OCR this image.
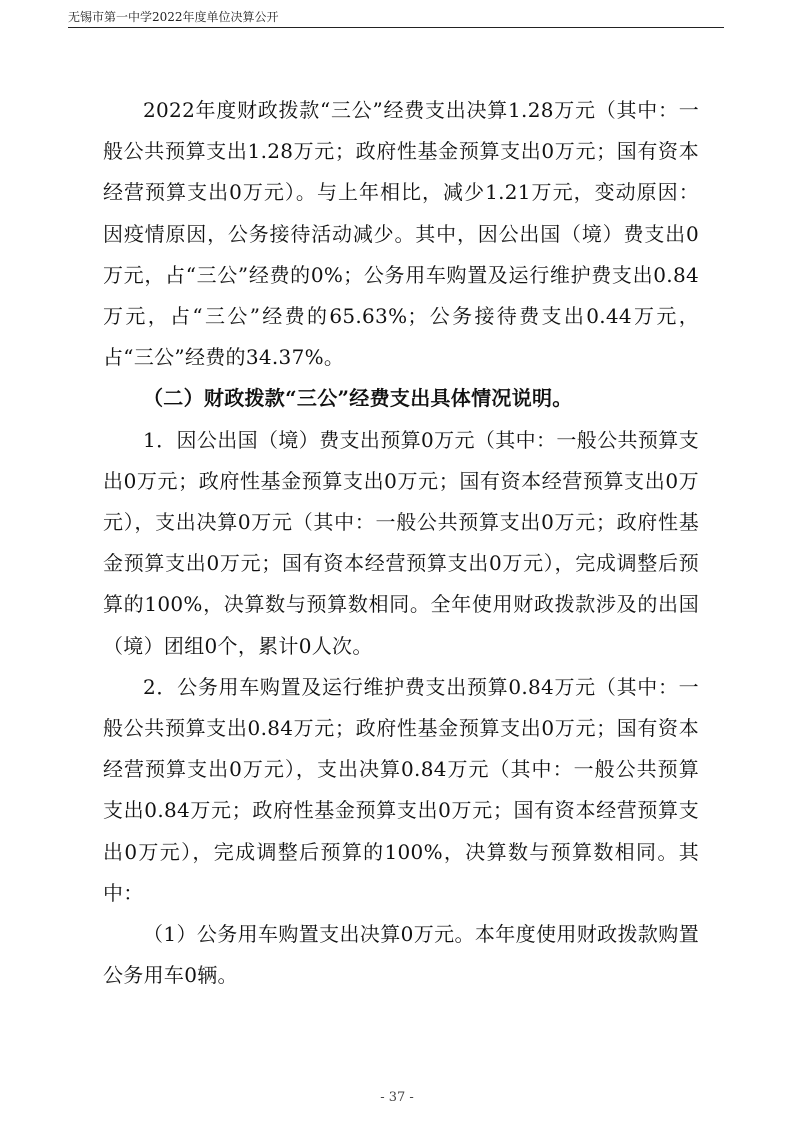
无锡市第一中学2022年度单位决算公开

2022年度财政拨款“三公”经费支出决算1.28万元（其中：一般公共预算支出1.28万元；政府性基金预算支出0万元；国有资本经营预算支出0万元）。与上年相比，减少1.21万元，变动原因：因疫情原因，公务接待活动减少。其中，因公出国（境）费支出0万元，占“三公”经费的0%；公务用车购置及运行维护费支出0.84万元，占“三公”经费的65.63%；公务接待费支出0.44万元，占“三公”经费的34.37%。

（二）财政拨款“三公”经费支出具体情况说明。

1．因公出国（境）费支出预算0万元（其中：一般公共预算支出0万元；政府性基金预算支出0万元；国有资本经营预算支出0万元），支出决算0万元（其中：一般公共预算支出0万元；政府性基金预算支出0万元；国有资本经营预算支出0万元），完成调整后预算的100%，决算数与预算数相同。全年使用财政拨款涉及的出国（境）团组0个，累计0人次。

2．公务用车购置及运行维护费支出预算0.84万元（其中：一般公共预算支出0.84万元；政府性基金预算支出0万元；国有资本经营预算支出0万元），支出决算0.84万元（其中：一般公共预算支出0.84万元；政府性基金预算支出0万元；国有资本经营预算支出0万元），完成调整后预算的100%，决算数与预算数相同。其中：

（1）公务用车购置支出决算0万元。本年度使用财政拨款购置公务用车0辆。

- 37 -
